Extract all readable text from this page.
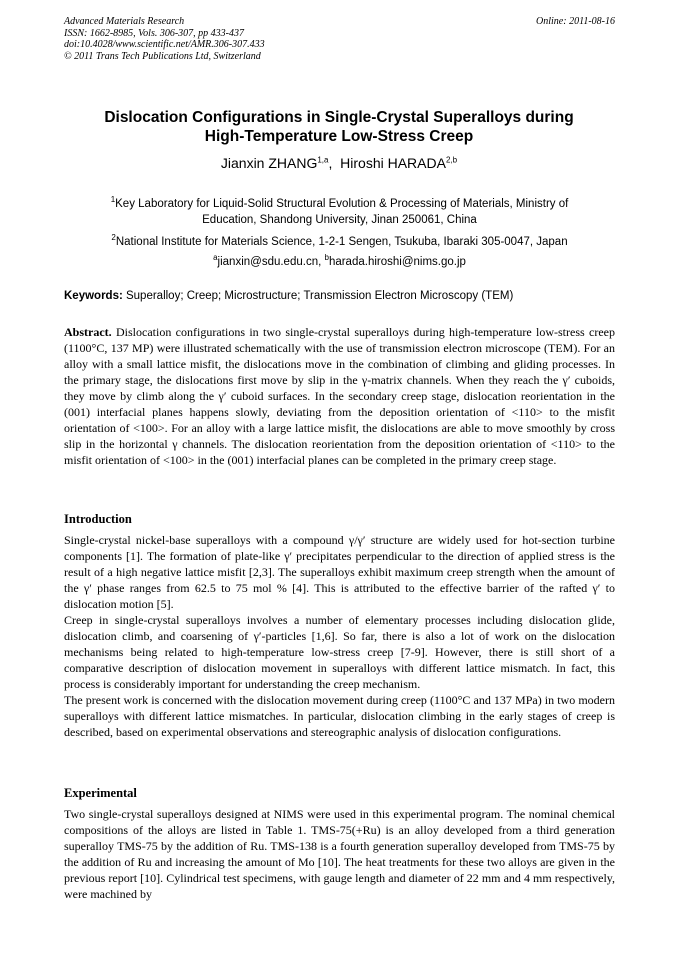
Advanced Materials Research
ISSN: 1662-8985, Vols. 306-307, pp 433-437
doi:10.4028/www.scientific.net/AMR.306-307.433
© 2011 Trans Tech Publications Ltd, Switzerland
Online: 2011-08-16
Dislocation Configurations in Single-Crystal Superalloys during
High-Temperature Low-Stress Creep
Jianxin ZHANG$^{1,a}$,  Hiroshi HARADA$^{2,b}$
$^1$Key Laboratory for Liquid-Solid Structural Evolution & Processing of Materials, Ministry of
Education, Shandong University, Jinan 250061, China
$^2$National Institute for Materials Science, 1-2-1 Sengen, Tsukuba, Ibaraki 305-0047, Japan
$^a$jianxin@sdu.edu.cn, $^b$harada.hiroshi@nims.go.jp
Keywords: Superalloy; Creep; Microstructure; Transmission Electron Microscopy (TEM)
Abstract. Dislocation configurations in two single-crystal superalloys during high-temperature low-stress creep (1100°C, 137 MP) were illustrated schematically with the use of transmission electron microscope (TEM). For an alloy with a small lattice misfit, the dislocations move in the combination of climbing and gliding processes. In the primary stage, the dislocations first move by slip in the γ-matrix channels. When they reach the γ′ cuboids, they move by climb along the γ′ cuboid surfaces. In the secondary creep stage, dislocation reorientation in the (001) interfacial planes happens slowly, deviating from the deposition orientation of <110> to the misfit orientation of <100>. For an alloy with a large lattice misfit, the dislocations are able to move smoothly by cross slip in the horizontal γ channels. The dislocation reorientation from the deposition orientation of <110> to the misfit orientation of <100> in the (001) interfacial planes can be completed in the primary creep stage.
Introduction

Single-crystal nickel-base superalloys with a compound γ/γ′ structure are widely used for hot-section turbine components [1]. The formation of plate-like γ′ precipitates perpendicular to the direction of applied stress is the result of a high negative lattice misfit [2,3]. The superalloys exhibit maximum creep strength when the amount of the γ′ phase ranges from 62.5 to 75 mol % [4]. This is attributed to the effective barrier of the rafted γ′ to dislocation motion [5].

Creep in single-crystal superalloys involves a number of elementary processes including dislocation glide, dislocation climb, and coarsening of γ′-particles [1,6]. So far, there is also a lot of work on the dislocation mechanisms being related to high-temperature low-stress creep [7-9]. However, there is still short of a comparative description of dislocation movement in superalloys with different lattice mismatch. In fact, this process is considerably important for understanding the creep mechanism.

The present work is concerned with the dislocation movement during creep (1100°C and 137 MPa) in two modern superalloys with different lattice mismatches. In particular, dislocation climbing in the early stages of creep is described, based on experimental observations and stereographic analysis of dislocation configurations.

Experimental

Two single-crystal superalloys designed at NIMS were used in this experimental program. The nominal chemical compositions of the alloys are listed in Table 1. TMS-75(+Ru) is an alloy developed from a third generation superalloy TMS-75 by the addition of Ru. TMS-138 is a fourth generation superalloy developed from TMS-75 by the addition of Ru and increasing the amount of Mo [10]. The heat treatments for these two alloys are given in the previous report [10]. Cylindrical test specimens, with gauge length and diameter of 22 mm and 4 mm respectively, were machined by
